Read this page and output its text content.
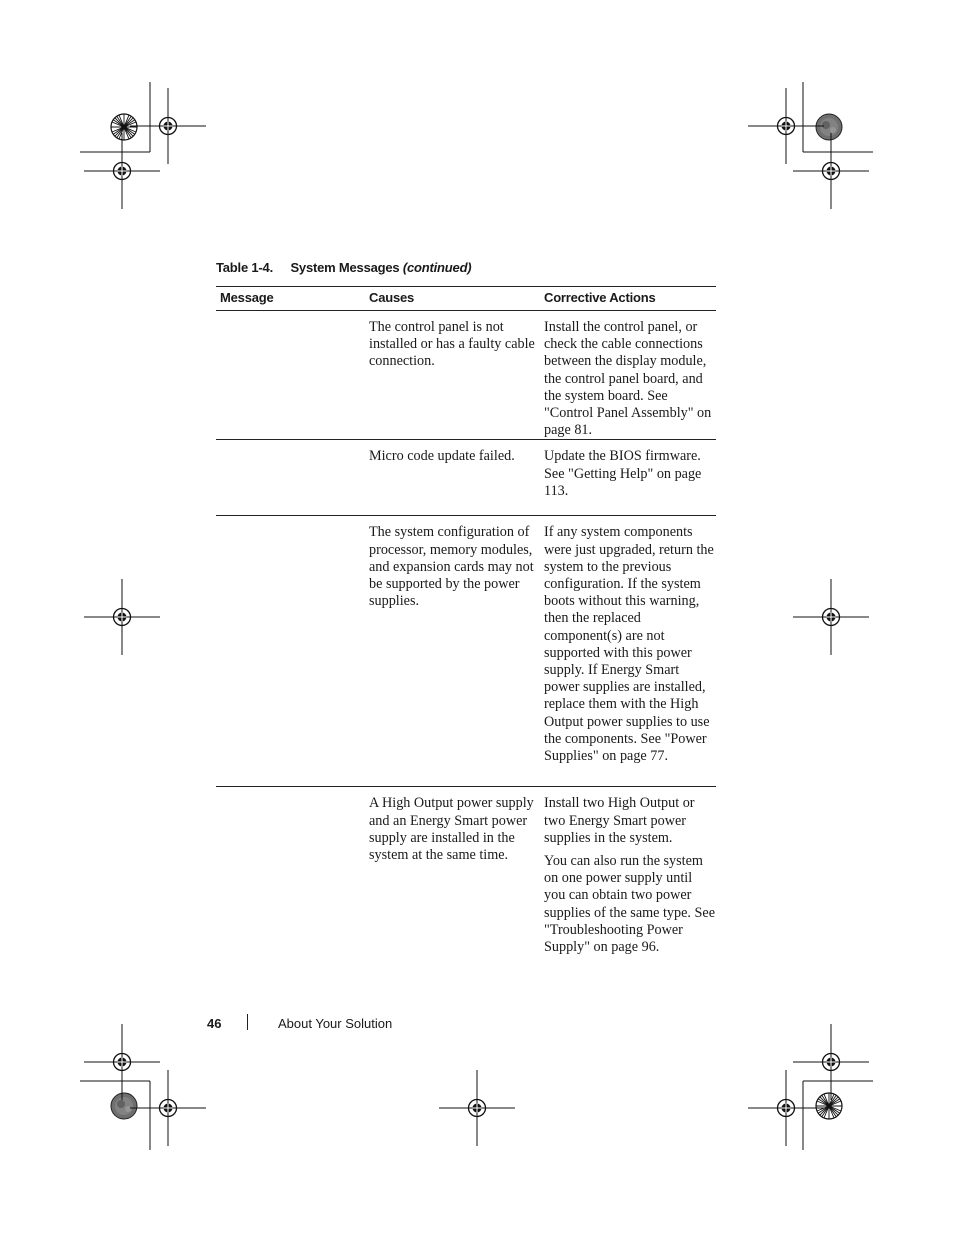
Table 1-4. System Messages (continued)
Message	Causes	Corrective Actions
	The control panel is not installed or has a faulty cable connection.	Install the control panel, or check the cable connections between the display module, the control panel board, and the system board. See "Control Panel Assembly" on page 81.

	Micro code update failed.	Update the BIOS firmware. See "Getting Help" on page 113.

	The system configuration of processor, memory modules, and expansion cards may not be supported by the power supplies.	If any system components were just upgraded, return the system to the previous configuration. If the system boots without this warning, then the replaced component(s) are not supported with this power supply. If Energy Smart power supplies are installed, replace them with the High Output power supplies to use the components. See "Power Supplies" on page 77.

	A High Output power supply and an Energy Smart power supply are installed in the system at the same time.	Install two High Output or two Energy Smart power supplies in the system.

You can also run the system on one power supply until you can obtain two power supplies of the same type. See "Troubleshooting Power Supply" on page 96.

46	About Your Solution
